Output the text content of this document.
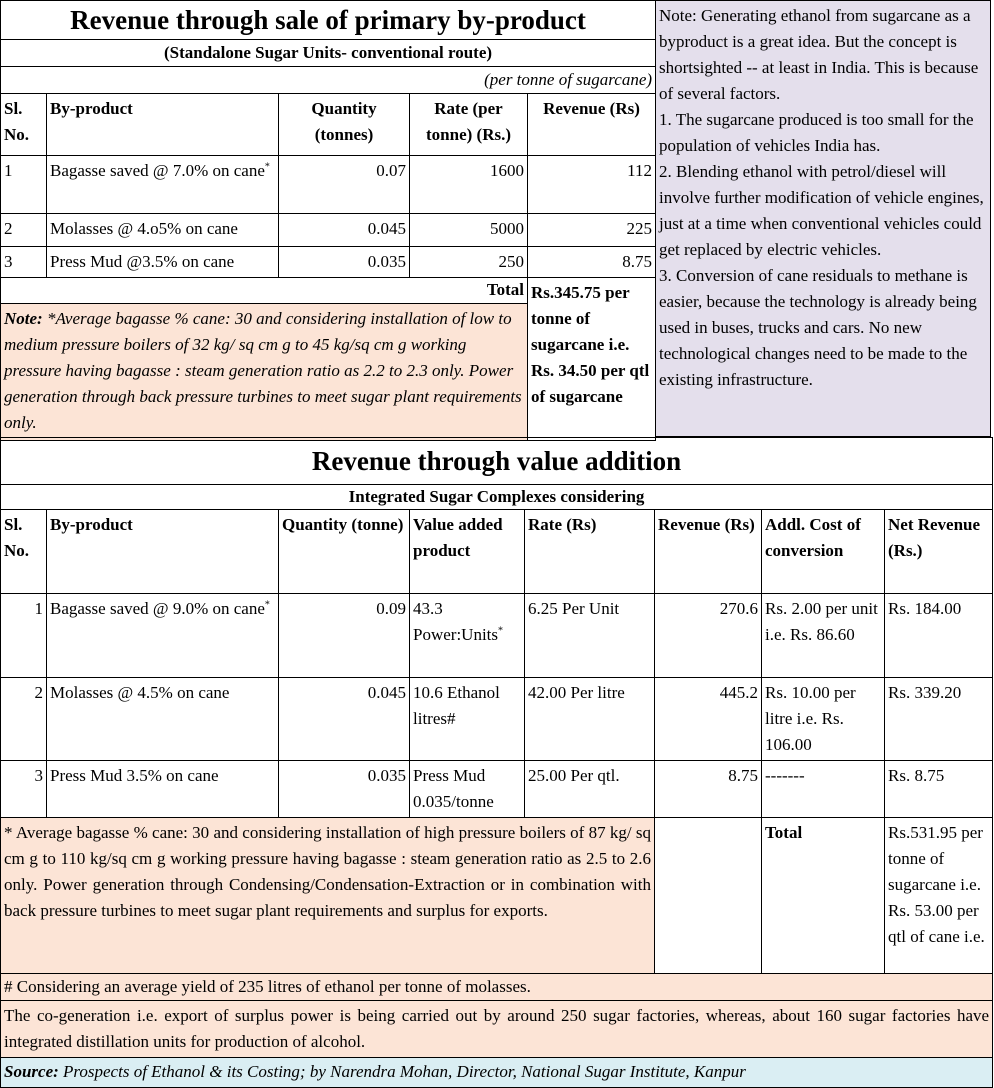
Revenue through sale of primary by-product				
(Standalone Sugar Units- conventional route)				
(per tonne of sugarcane)				
Sl. No.	By-product	Quantity (tonnes)	Rate (per tonne) (Rs.)	Revenue (Rs)
1	Bagasse saved @ 7.0% on cane*	0.07	1600	112
2	Molasses @ 4.o5% on cane	0.045	5000	225
3	Press Mud @3.5% on cane	0.035	250	8.75
Total				Rs.345.75 per tonne of sugarcane i.e. Rs. 34.50 per qtl of sugarcane
Note: *Average bagasse % cane: 30 and considering installation of low to medium pressure boilers of 32 kg/ sq cm g to 45 kg/sq cm g working pressure having bagasse : steam generation ratio as 2.2 to 2.3 only. Power generation through back pressure turbines to meet sugar plant requirements only.				
Note: Generating ethanol from sugarcane as a byproduct is a great idea. But the concept is shortsighted -- at least in India. This is because of several factors.
1. The sugarcane produced is too small for the population of vehicles India has.
2. Blending ethanol with petrol/diesel will involve further modification of vehicle engines, just at a time when conventional vehicles could get replaced by electric vehicles.
3. Conversion of cane residuals to methane is easier, because the technology is already being used in buses, trucks and cars. No new technological changes need to be made to the existing infrastructure.
Revenue through value addition							
Integrated Sugar Complexes considering							
Sl. No.	By-product	Quantity (tonne)	Value added product	Rate (Rs)	Revenue (Rs)	Addl. Cost of conversion	Net Revenue (Rs.)
1	Bagasse saved @ 9.0% on cane*	0.09	43.3 Power:Units*	6.25 Per Unit	270.6	Rs. 2.00 per unit i.e. Rs. 86.60	Rs. 184.00
2	Molasses @ 4.5% on cane	0.045	10.6 Ethanol litres#	42.00 Per litre	445.2	Rs. 10.00 per litre i.e. Rs. 106.00	Rs. 339.20
3	Press Mud 3.5% on cane	0.035	Press Mud 0.035/tonne	25.00 Per qtl.	8.75	-------	Rs. 8.75
* Average bagasse % cane: 30 and considering installation of high pressure boilers of 87 kg/ sq cm g to 110 kg/sq cm g working pressure having bagasse : steam generation ratio as 2.5 to 2.6 only. Power generation through Condensing/Condensation-Extraction or in combination with back pressure turbines to meet sugar plant requirements and surplus for exports.						Total	Rs.531.95 per tonne of sugarcane i.e. Rs. 53.00 per qtl of cane i.e.
# Considering an average yield of 235 litres of ethanol per tonne of molasses.							
The co-generation i.e. export of surplus power is being carried out by around 250 sugar factories, whereas, about 160 sugar factories have integrated distillation units for production of alcohol.							
Source: Prospects of Ethanol & its Costing; by Narendra Mohan, Director, National Sugar Institute, Kanpur							
